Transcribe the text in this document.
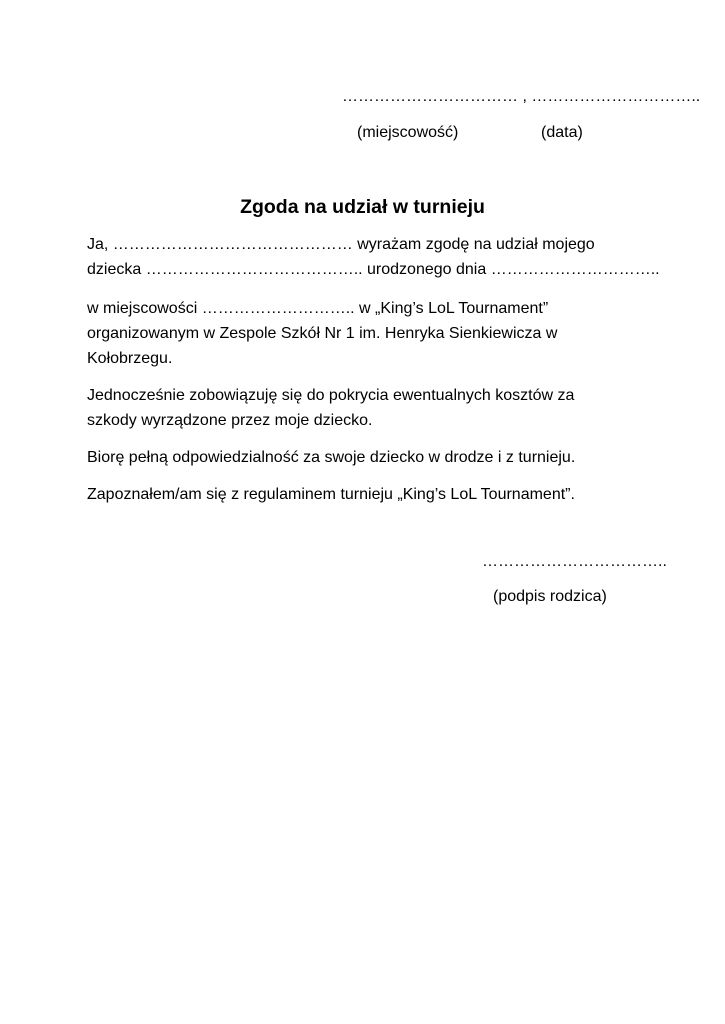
…………………………… , …………………………..
(miejscowość)	(data)
Zgoda na udział w turnieju

Ja, ……………………………………… wyrażam zgodę na udział mojego
dziecka ………………………………….. urodzonego dnia …………………………..

w miejscowości ……………………….. w „King’s LoL Tournament”
organizowanym w Zespole Szkół Nr 1 im. Henryka Sienkiewicza w
Kołobrzegu.

Jednocześnie zobowiązuję się do pokrycia ewentualnych kosztów za
szkody wyrządzone przez moje dziecko.

Biorę pełną odpowiedzialność za swoje dziecko w drodze i z turnieju.

Zapoznałem/am się z regulaminem turnieju „King’s LoL Tournament”.

……………………………..
(podpis rodzica)
